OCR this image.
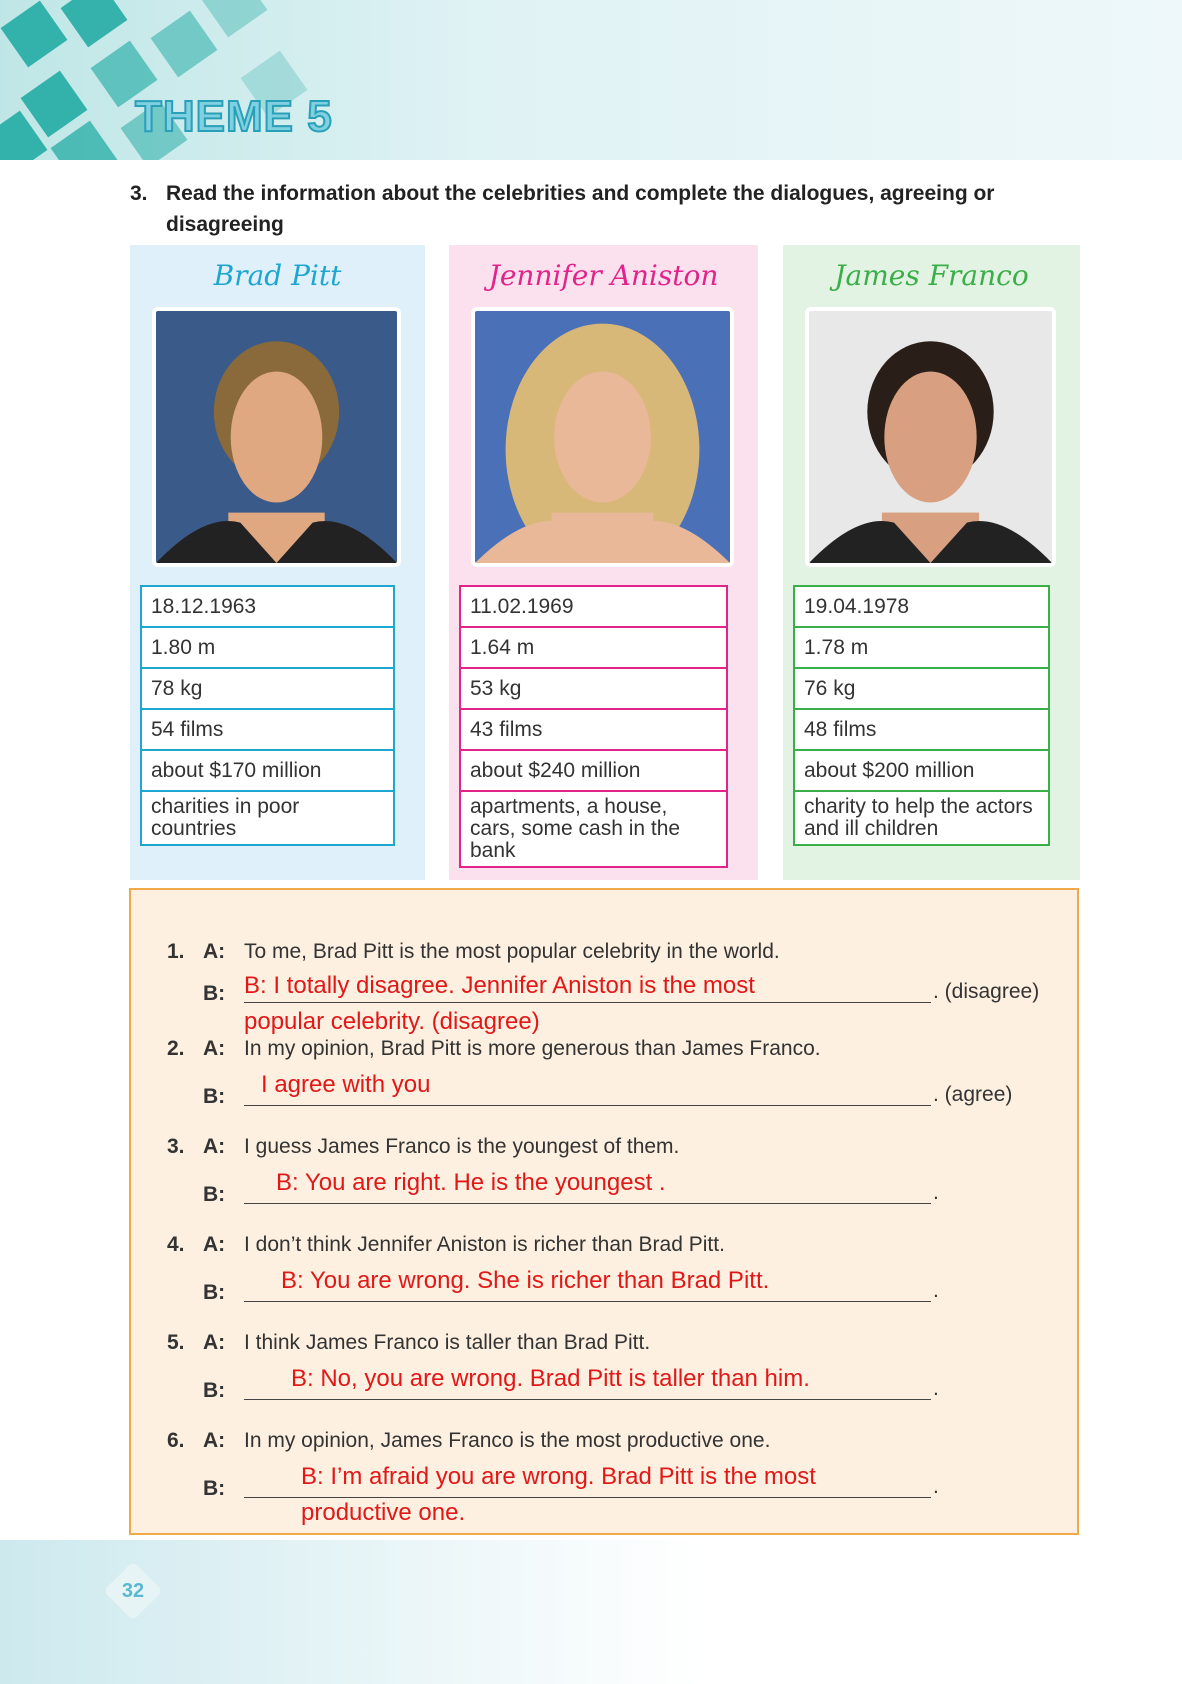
THEME 5
3. Read the information about the celebrities and complete the dialogues, agreeing or disagreeing
Brad Pitt
18.12.1963
1.80 m
78 kg
54 films
about $170 million
charities in poor countries
Jennifer Aniston
11.02.1969
1.64 m
53 kg
43 films
about $240 million
apartments, a house, cars, some cash in the bank
James Franco
19.04.1978
1.78 m
76 kg
48 films
about $200 million
charity to help the actors and ill children
1. A: To me, Brad Pitt is the most popular celebrity in the world.
B:	. (disagree)
B: I totally disagree. Jennifer Aniston is the most
popular celebrity. (disagree)
2. A: In my opinion, Brad Pitt is more generous than James Franco.
B:	. (agree)
I agree with you
3. A: I guess James Franco is the youngest of them.
B:	.
B: You are right. He is the youngest .
4. A: I don’t think Jennifer Aniston is richer than Brad Pitt.
B:	.
B: You are wrong. She is richer than Brad Pitt.
5. A: I think James Franco is taller than Brad Pitt.
B:	.
B: No, you are wrong. Brad Pitt is taller than him.
6. A: In my opinion, James Franco is the most productive one.
B:	.
B: I’m afraid you are wrong. Brad Pitt is the most
productive one.
32
